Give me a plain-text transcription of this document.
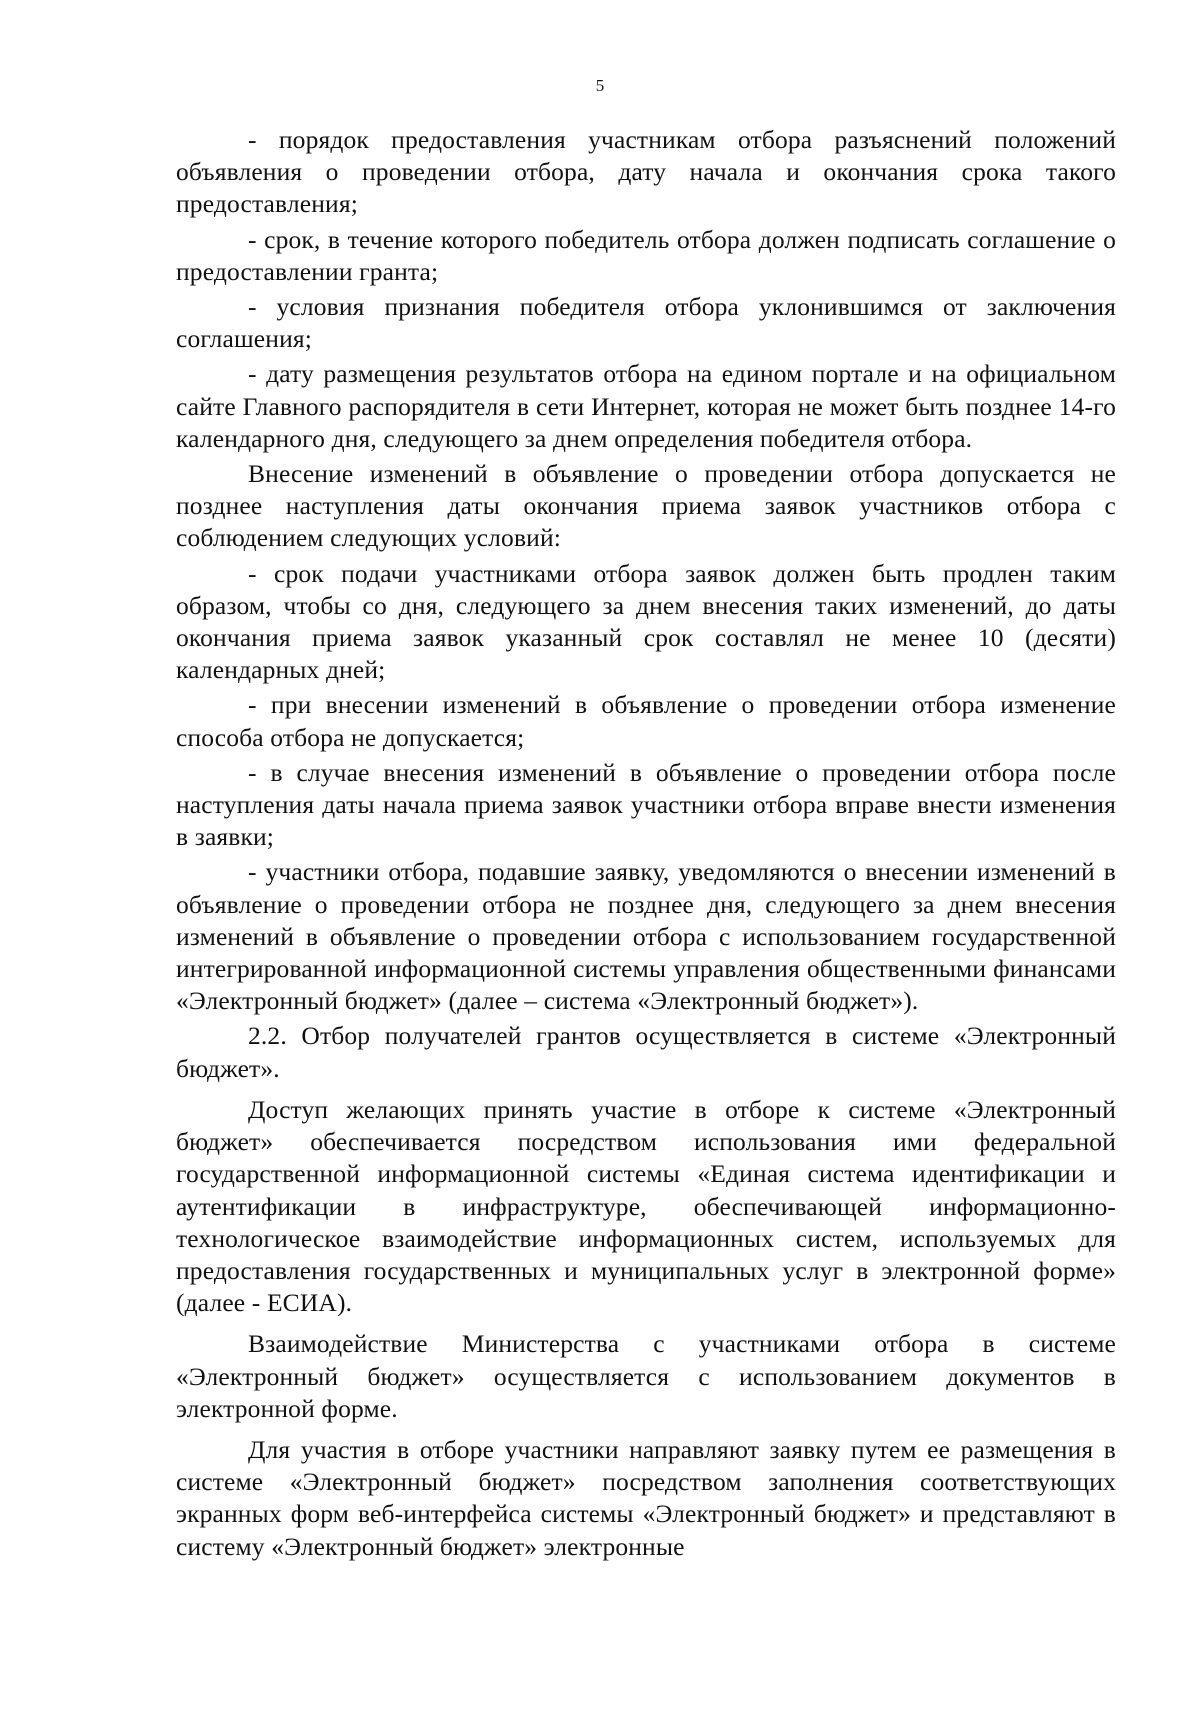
5

- порядок предоставления участникам отбора разъяснений положений объявления о проведении отбора, дату начала и окончания срока такого предоставления;

- срок, в течение которого победитель отбора должен подписать соглашение о предоставлении гранта;

- условия признания победителя отбора уклонившимся от заключения соглашения;

- дату размещения результатов отбора на едином портале и на официальном сайте Главного распорядителя в сети Интернет, которая не может быть позднее 14-го календарного дня, следующего за днем определения победителя отбора.

Внесение изменений в объявление о проведении отбора допускается не позднее наступления даты окончания приема заявок участников отбора с соблюдением следующих условий:

- срок подачи участниками отбора заявок должен быть продлен таким образом, чтобы со дня, следующего за днем внесения таких изменений, до даты окончания приема заявок указанный срок составлял не менее 10 (десяти) календарных дней;

- при внесении изменений в объявление о проведении отбора изменение способа отбора не допускается;

- в случае внесения изменений в объявление о проведении отбора после наступления даты начала приема заявок участники отбора вправе внести изменения в заявки;

- участники отбора, подавшие заявку, уведомляются о внесении изменений в объявление о проведении отбора не позднее дня, следующего за днем внесения изменений в объявление о проведении отбора с использованием государственной интегрированной информационной системы управления общественными финансами «Электронный бюджет» (далее – система «Электронный бюджет»).

2.2. Отбор получателей грантов осуществляется в системе «Электронный бюджет».

Доступ желающих принять участие в отборе к системе «Электронный бюджет» обеспечивается посредством использования ими федеральной государственной информационной системы «Единая система идентификации и аутентификации в инфраструктуре, обеспечивающей информационно-технологическое взаимодействие информационных систем, используемых для предоставления государственных и муниципальных услуг в электронной форме» (далее - ЕСИА).

Взаимодействие Министерства с участниками отбора в системе «Электронный бюджет» осуществляется с использованием документов в электронной форме.

Для участия в отборе участники направляют заявку путем ее размещения в системе «Электронный бюджет» посредством заполнения соответствующих экранных форм веб-интерфейса системы «Электронный бюджет» и представляют в систему «Электронный бюджет» электронные
